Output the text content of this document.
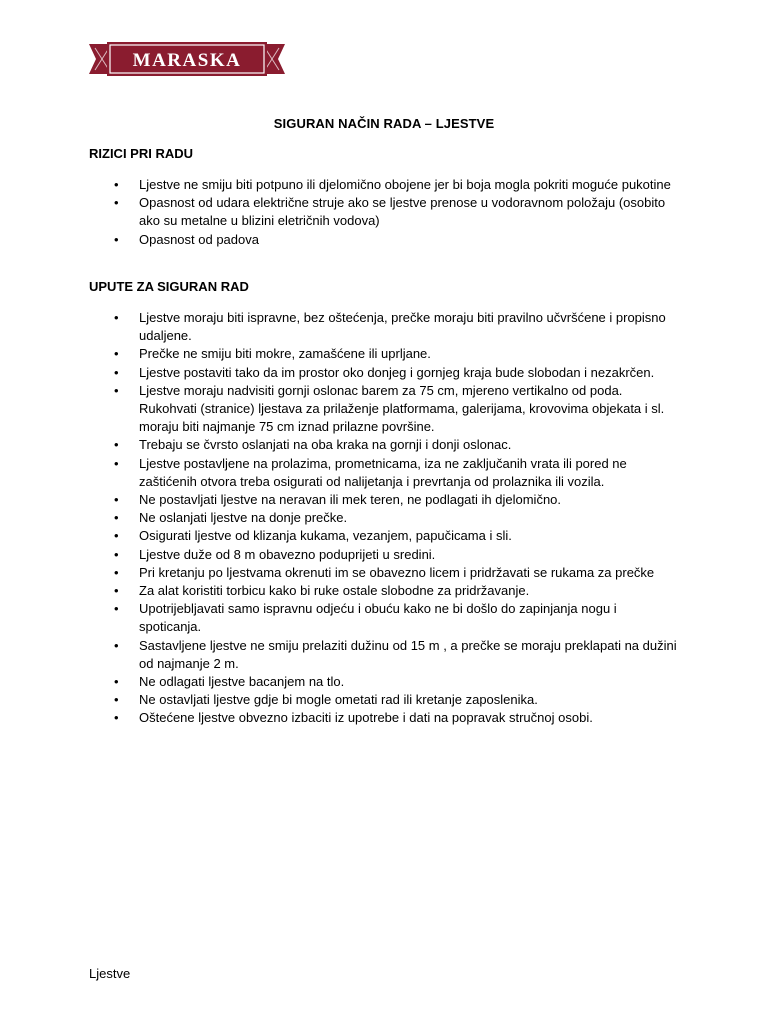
MARASKA
SIGURAN NAČIN RADA – LJESTVE
RIZICI PRI RADU
• Ljestve ne smiju biti potpuno ili djelomično obojene jer bi boja mogla pokriti moguće pukotine
• Opasnost od udara električne struje ako se ljestve prenose u vodoravnom položaju (osobito ako su metalne u blizini eletričnih vodova)
• Opasnost od padova
UPUTE ZA SIGURAN RAD
• Ljestve moraju biti ispravne, bez oštećenja, prečke moraju biti pravilno učvršćene i propisno udaljene.
• Prečke ne smiju biti mokre, zamašćene ili uprljane.
• Ljestve postaviti tako da im prostor oko donjeg i gornjeg kraja bude slobodan i nezakrčen.
• Ljestve moraju nadvisiti gornji oslonac barem za 75 cm, mjereno vertikalno od poda. Rukohvati (stranice) ljestava za prilaženje platformama, galerijama, krovovima objekata i sl. moraju biti najmanje 75 cm iznad prilazne površine.
• Trebaju se čvrsto oslanjati na oba kraka na gornji i donji oslonac.
• Ljestve postavljene na prolazima, prometnicama, iza ne zaključanih vrata ili pored ne zaštićenih otvora treba osigurati od nalijetanja i prevrtanja od prolaznika ili vozila.
• Ne postavljati ljestve na neravan ili mek teren, ne podlagati ih djelomično.
• Ne oslanjati ljestve na donje prečke.
• Osigurati ljestve od klizanja kukama, vezanjem, papučicama i sli.
• Ljestve duže od 8 m obavezno poduprijeti u sredini.
• Pri kretanju po ljestvama okrenuti im se obavezno licem i pridržavati se rukama za prečke
• Za alat koristiti torbicu kako bi ruke ostale slobodne za pridržavanje.
• Upotrijebljavati samo ispravnu odjeću i obuću kako ne bi došlo do zapinjanja nogu i spoticanja.
• Sastavljene ljestve ne smiju prelaziti dužinu od 15 m , a prečke se moraju preklapati na dužini od najmanje 2 m.
• Ne odlagati ljestve bacanjem na tlo.
• Ne ostavljati ljestve gdje bi mogle ometati rad ili kretanje zaposlenika.
• Oštećene ljestve obvezno izbaciti iz upotrebe i dati na popravak stručnoj osobi.
Ljestve
